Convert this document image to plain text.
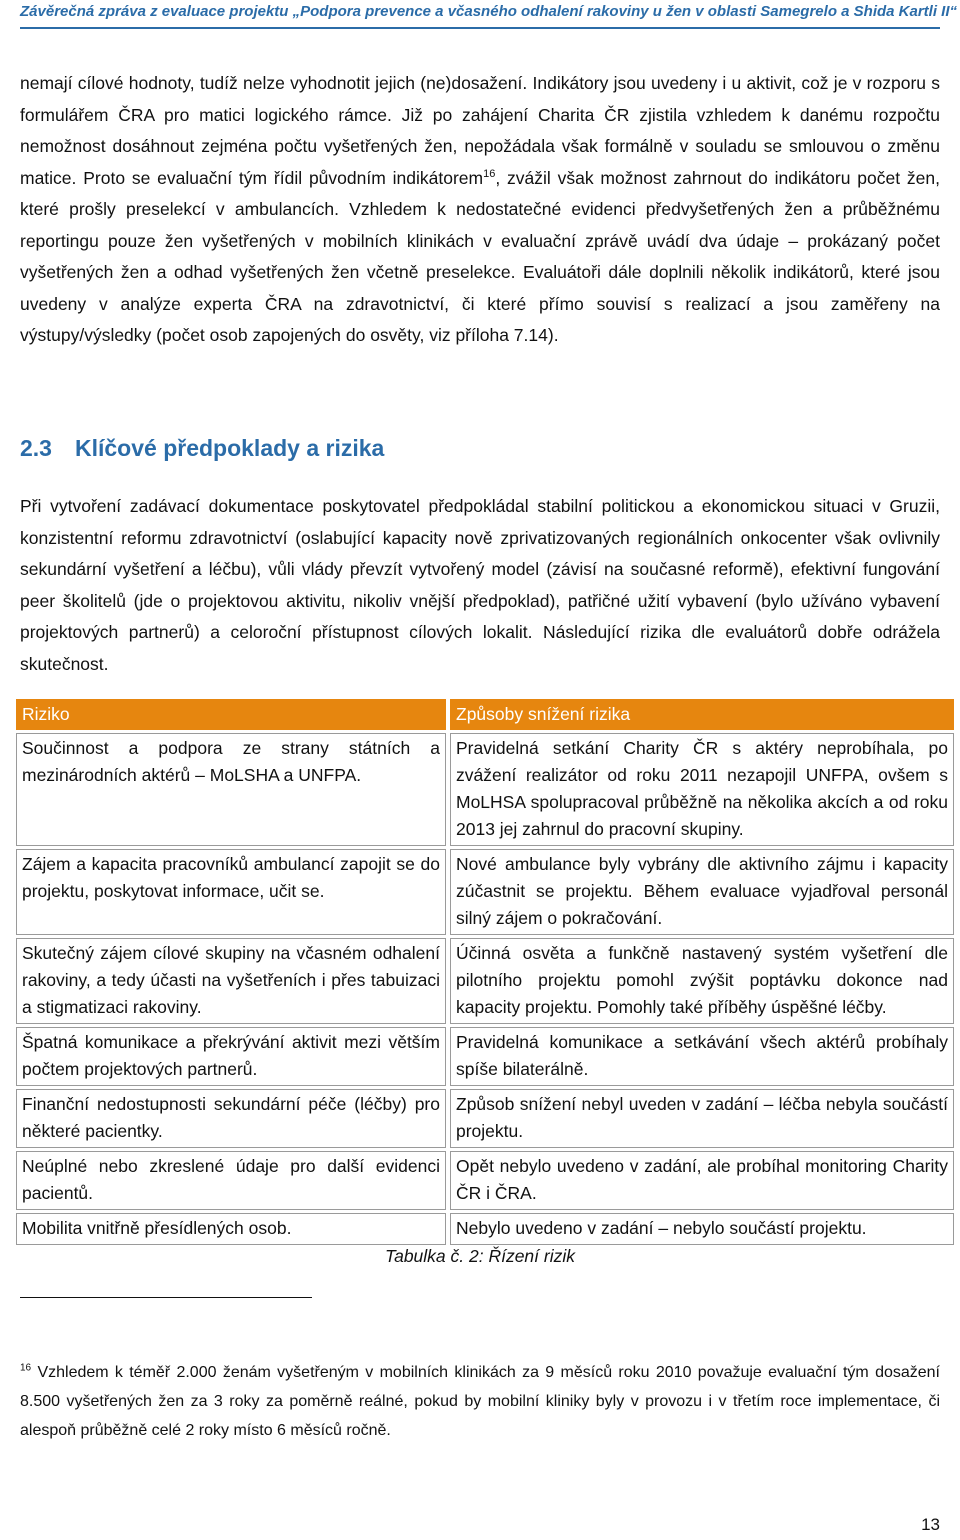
Závěrečná zpráva z evaluace projektu „Podpora prevence a včasného odhalení rakoviny u žen v oblasti Samegrelo a Shida Kartli II“

nemají cílové hodnoty, tudíž nelze vyhodnotit jejich (ne)dosažení. Indikátory jsou uvedeny i u aktivit, což je v rozporu s formulářem ČRA pro matici logického rámce. Již po zahájení Charita ČR zjistila vzhledem k danému rozpočtu nemožnost dosáhnout zejména počtu vyšetřených žen, nepožádala však formálně v souladu se smlouvou o změnu matice. Proto se evaluační tým řídil původním indikátorem$^{16}$, zvážil však možnost zahrnout do indikátoru počet žen, které prošly preselekcí v ambulancích. Vzhledem k nedostatečné evidenci předvyšetřených žen a průběžnému reportingu pouze žen vyšetřených v mobilních klinikách v evaluační zprávě uvádí dva údaje – prokázaný počet vyšetřených žen a odhad vyšetřených žen včetně preselekce. Evaluátoři dále doplnili několik indikátorů, které jsou uvedeny v analýze experta ČRA na zdravotnictví, či které přímo souvisí s realizací a jsou zaměřeny na výstupy/výsledky (počet osob zapojených do osvěty, viz příloha 7.14).

2.3 Klíčové předpoklady a rizika

Při vytvoření zadávací dokumentace poskytovatel předpokládal stabilní politickou a ekonomickou situaci v Gruzii, konzistentní reformu zdravotnictví (oslabující kapacity nově zprivatizovaných regionálních onkocenter však ovlivnily sekundární vyšetření a léčbu), vůli vlády převzít vytvořený model (závisí na současné reformě), efektivní fungování peer školitelů (jde o projektovou aktivitu, nikoliv vnější předpoklad), patřičné užití vybavení (bylo užíváno vybavení projektových partnerů) a celoroční přístupnost cílových lokalit. Následující rizika dle evaluátorů dobře odrážela skutečnost.

Riziko	Způsoby snížení rizika
Součinnost a podpora ze strany státních a mezinárodních aktérů – MoLSHA a UNFPA.	Pravidelná setkání Charity ČR s aktéry neprobíhala, po zvážení realizátor od roku 2011 nezapojil UNFPA, ovšem s MoLHSA spolupracoval průběžně na několika akcích a od roku 2013 jej zahrnul do pracovní skupiny.
Zájem a kapacita pracovníků ambulancí zapojit se do projektu, poskytovat informace, učit se.	Nové ambulance byly vybrány dle aktivního zájmu i kapacity zúčastnit se projektu. Během evaluace vyjadřoval personál silný zájem o pokračování.
Skutečný zájem cílové skupiny na včasném odhalení rakoviny, a tedy účasti na vyšetřeních i přes tabuizaci a stigmatizaci rakoviny.	Účinná osvěta a funkčně nastavený systém vyšetření dle pilotního projektu pomohl zvýšit poptávku dokonce nad kapacity projektu. Pomohly také příběhy úspěšné léčby.
Špatná komunikace a překrývání aktivit mezi větším počtem projektových partnerů.	Pravidelná komunikace a setkávání všech aktérů probíhaly spíše bilaterálně.
Finanční nedostupnosti sekundární péče (léčby) pro některé pacientky.	Způsob snížení nebyl uveden v zadání – léčba nebyla součástí projektu.
Neúplné nebo zkreslené údaje pro další evidenci pacientů.	Opět nebylo uvedeno v zadání, ale probíhal monitoring Charity ČR i ČRA.
Mobilita vnitřně přesídlených osob.	Nebylo uvedeno v zadání – nebylo součástí projektu.
Tabulka č. 2: Řízení rizik
$^{16}$ Vzhledem k téměř 2.000 ženám vyšetřeným v mobilních klinikách za 9 měsíců roku 2010 považuje evaluační tým dosažení 8.500 vyšetřených žen za 3 roky za poměrně reálné, pokud by mobilní kliniky byly v provozu i v třetím roce implementace, či alespoň průběžně celé 2 roky místo 6 měsíců ročně.
13
